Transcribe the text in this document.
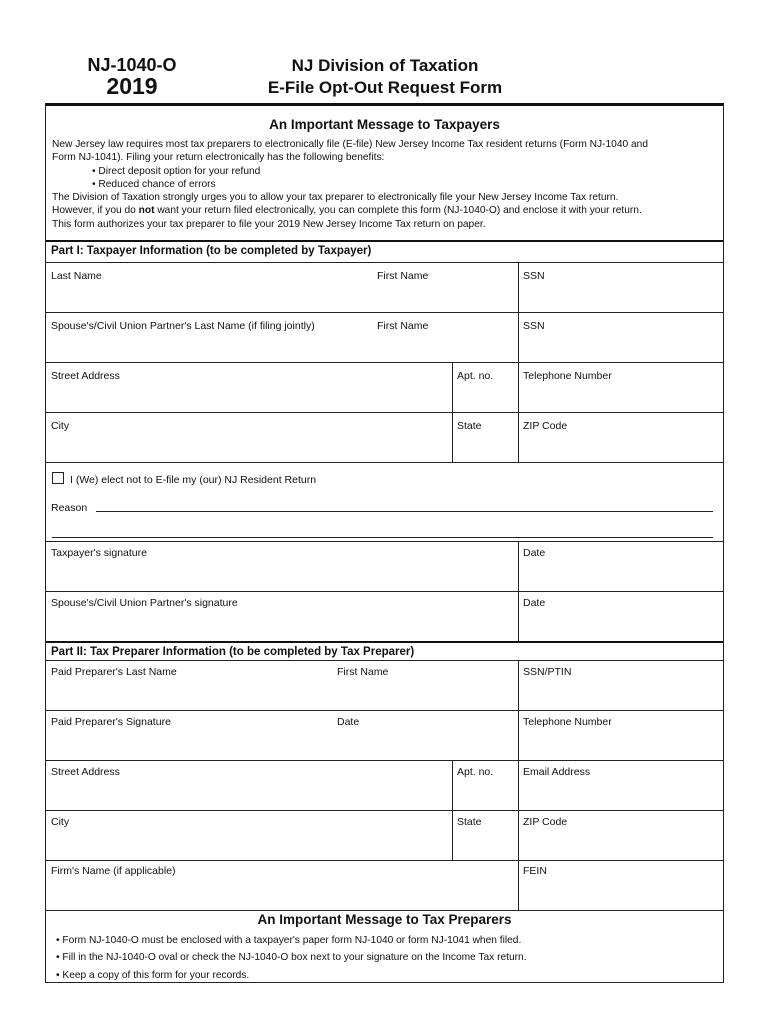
NJ-1040-O
2019
NJ Division of Taxation
E-File Opt-Out Request Form
An Important Message to Taxpayers
New Jersey law requires most tax preparers to electronically file (E-file) New Jersey Income Tax resident returns (Form NJ-1040 and
Form NJ-1041). Filing your return electronically has the following benefits:
• Direct deposit option for your refund
• Reduced chance of errors
The Division of Taxation strongly urges you to allow your tax preparer to electronically file your New Jersey Income Tax return.
However, if you do not want your return filed electronically, you can complete this form (NJ-1040-O) and enclose it with your return.
This form authorizes your tax preparer to file your 2019 New Jersey Income Tax return on paper.
Part I: Taxpayer Information (to be completed by Taxpayer)
Last Name	First Name	SSN
Spouse's/Civil Union Partner's Last Name (if filing jointly)	First Name	SSN
Street Address	Apt. no.	Telephone Number
City	State	ZIP Code
I (We) elect not to E-file my (our) NJ Resident Return
Reason
Taxpayer's signature	Date
Spouse's/Civil Union Partner's signature	Date
Part II: Tax Preparer Information (to be completed by Tax Preparer)
Paid Preparer's Last Name	First Name	SSN/PTIN
Paid Preparer's Signature	Date	Telephone Number
Street Address	Apt. no.	Email Address
City	State	ZIP Code
Firm's Name (if applicable)	FEIN
An Important Message to Tax Preparers
• Form NJ-1040-O must be enclosed with a taxpayer's paper form NJ-1040 or form NJ-1041 when filed.
• Fill in the NJ-1040-O oval or check the NJ-1040-O box next to your signature on the Income Tax return.
• Keep a copy of this form for your records.
